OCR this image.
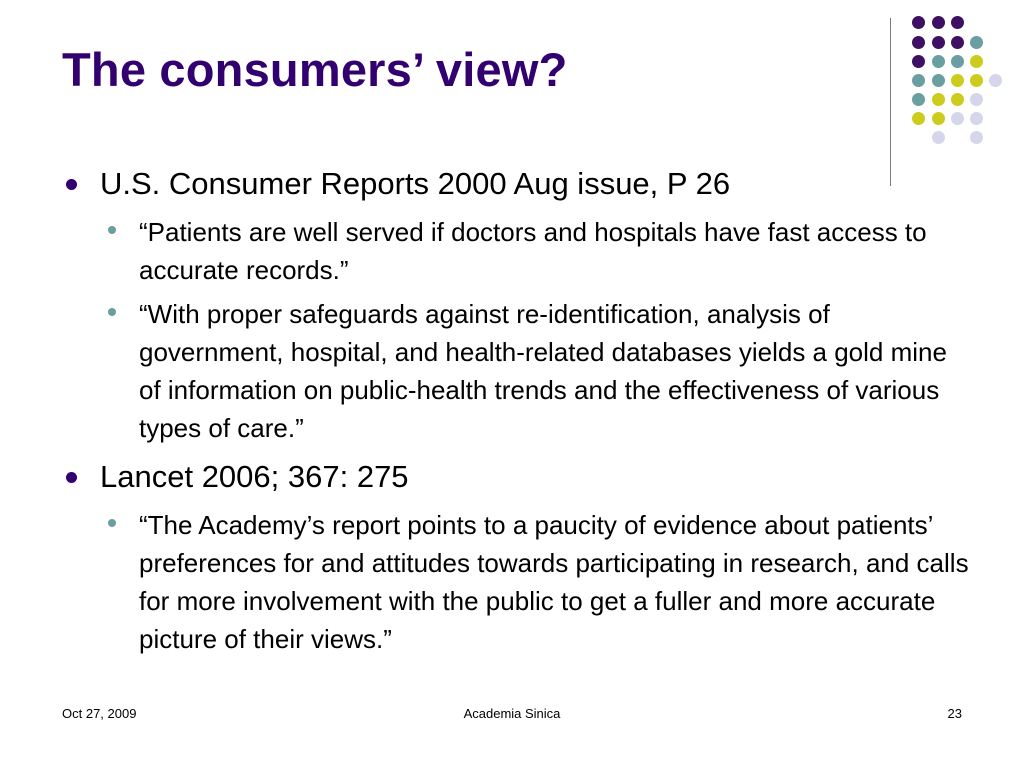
The consumers’ view?
U.S. Consumer Reports 2000 Aug issue, P 26
“Patients are well served if doctors and hospitals have fast access to accurate records.”
“With proper safeguards against re-identification, analysis of government, hospital, and health-related databases yields a gold mine of information on public-health trends and the effectiveness of various types of care.”
Lancet 2006; 367: 275
“The Academy’s report points to a paucity of evidence about patients’ preferences for and attitudes towards participating in research, and calls for more involvement with the public to get a fuller and more accurate picture of their views.”
Oct 27, 2009	Academia Sinica	23
